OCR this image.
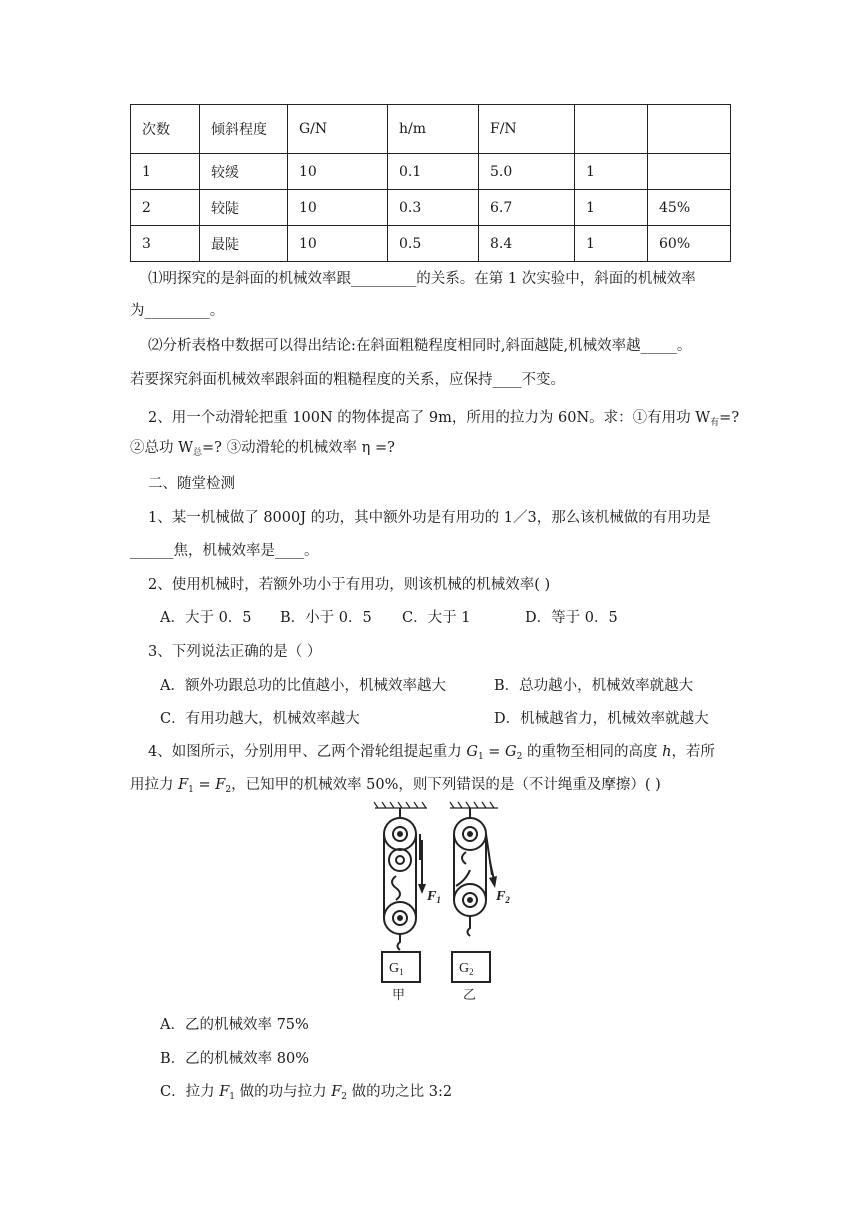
次数	倾斜程度	G/N	h/m	F/N		
1	较缓	10	0.1	5.0	1	
2	较陡	10	0.3	6.7	1	45%
3	最陡	10	0.5	8.4	1	60%
⑴明探究的是斜面的机械效率跟_________的关系。在第 1 次实验中，斜面的机械效率
为_________。
⑵分析表格中数据可以得出结论:在斜面粗糙程度相同时,斜面越陡,机械效率越_____。
若要探究斜面机械效率跟斜面的粗糙程度的关系，应保持____不变。
2、用一个动滑轮把重 100N 的物体提高了 9m，所用的拉力为 60N。求：①有用功 $W_有=$?
②总功 $W_总=$? ③动滑轮的机械效率 η =?
二、随堂检测
1、某一机械做了 8000J 的功，其中额外功是有用功的 1／3，那么该机械做的有用功是
______焦，机械效率是____。
2、使用机械时，若额外功小于有用功，则该机械的机械效率( )
A．大于 0．5 B．小于 0．5 C．大于 1	D．等于 0．5
3、下列说法正确的是（ ）
A．额外功跟总功的比值越小，机械效率越大	B．总功越小，机械效率就越大
C．有用功越大，机械效率越大	D．机械越省力，机械效率就越大
4、如图所示，分别用甲、乙两个滑轮组提起重力 $G_1 = G_2$ 的重物至相同的高度 h，若所
用拉力 $F_1 = F_2$，已知甲的机械效率 50%，则下列错误的是（不计绳重及摩擦）( )
$F_1$
$G_1$
甲
$F_2$
$G_2$
乙
A．乙的机械效率 75%
B．乙的机械效率 80%
C．拉力 $F_1$ 做的功与拉力 $F_2$ 做的功之比 3:2
